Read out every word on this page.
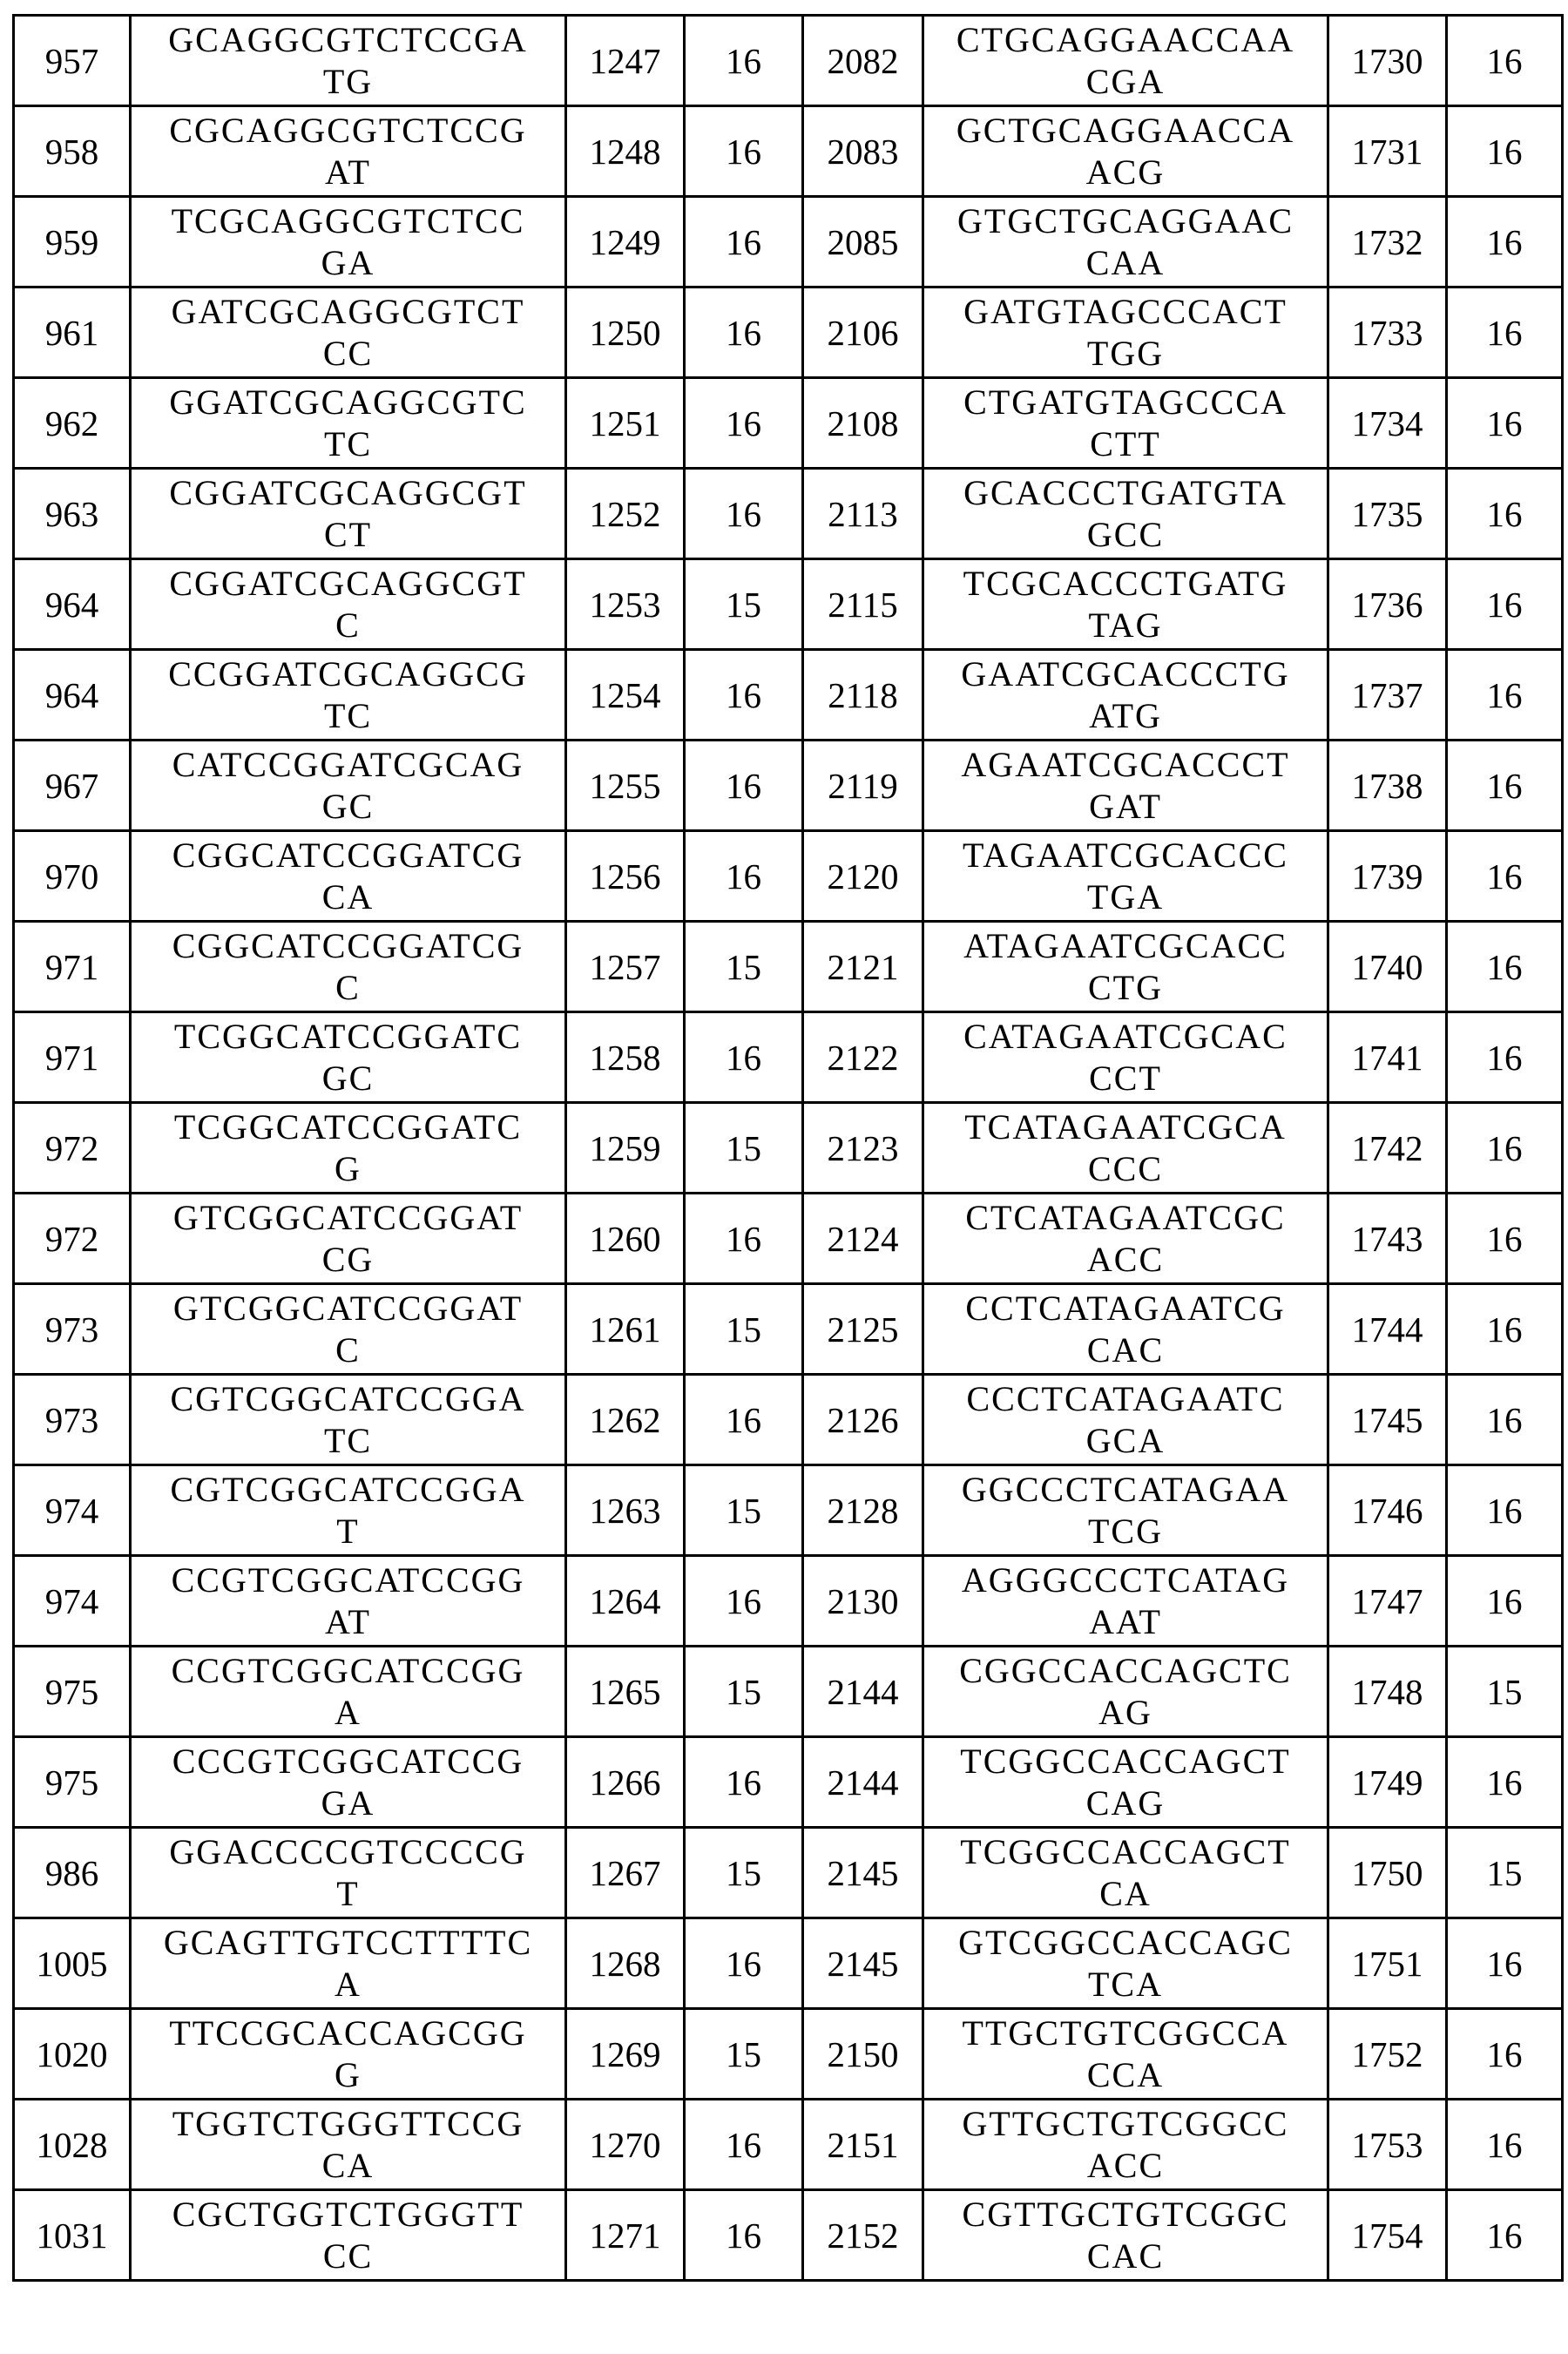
957	
GCAGGCGTCTCCGA
TG
	1247	16	2082	
CTGCAGGAACCAA
CGA
	1730	16
958	
CGCAGGCGTCTCCG
AT
	1248	16	2083	
GCTGCAGGAACCA
ACG
	1731	16
959	
TCGCAGGCGTCTCC
GA
	1249	16	2085	
GTGCTGCAGGAAC
CAA
	1732	16
961	
GATCGCAGGCGTCT
CC
	1250	16	2106	
GATGTAGCCCACT
TGG
	1733	16
962	
GGATCGCAGGCGTC
TC
	1251	16	2108	
CTGATGTAGCCCA
CTT
	1734	16
963	
CGGATCGCAGGCGT
CT
	1252	16	2113	
GCACCCTGATGTA
GCC
	1735	16
964	
CGGATCGCAGGCGT
C
	1253	15	2115	
TCGCACCCTGATG
TAG
	1736	16
964	
CCGGATCGCAGGCG
TC
	1254	16	2118	
GAATCGCACCCTG
ATG
	1737	16
967	
CATCCGGATCGCAG
GC
	1255	16	2119	
AGAATCGCACCCT
GAT
	1738	16
970	
CGGCATCCGGATCG
CA
	1256	16	2120	
TAGAATCGCACCC
TGA
	1739	16
971	
CGGCATCCGGATCG
C
	1257	15	2121	
ATAGAATCGCACC
CTG
	1740	16
971	
TCGGCATCCGGATC
GC
	1258	16	2122	
CATAGAATCGCAC
CCT
	1741	16
972	
TCGGCATCCGGATC
G
	1259	15	2123	
TCATAGAATCGCA
CCC
	1742	16
972	
GTCGGCATCCGGAT
CG
	1260	16	2124	
CTCATAGAATCGC
ACC
	1743	16
973	
GTCGGCATCCGGAT
C
	1261	15	2125	
CCTCATAGAATCG
CAC
	1744	16
973	
CGTCGGCATCCGGA
TC
	1262	16	2126	
CCCTCATAGAATC
GCA
	1745	16
974	
CGTCGGCATCCGGA
T
	1263	15	2128	
GGCCCTCATAGAA
TCG
	1746	16
974	
CCGTCGGCATCCGG
AT
	1264	16	2130	
AGGGCCCTCATAG
AAT
	1747	16
975	
CCGTCGGCATCCGG
A
	1265	15	2144	
CGGCCACCAGCTC
AG
	1748	15
975	
CCCGTCGGCATCCG
GA
	1266	16	2144	
TCGGCCACCAGCT
CAG
	1749	16
986	
GGACCCCGTCCCCG
T
	1267	15	2145	
TCGGCCACCAGCT
CA
	1750	15
1005	
GCAGTTGTCCTTTTC
A
	1268	16	2145	
GTCGGCCACCAGC
TCA
	1751	16
1020	
TTCCGCACCAGCGG
G
	1269	15	2150	
TTGCTGTCGGCCA
CCA
	1752	16
1028	
TGGTCTGGGTTCCG
CA
	1270	16	2151	
GTTGCTGTCGGCC
ACC
	1753	16
1031	
CGCTGGTCTGGGTT
CC
	1271	16	2152	
CGTTGCTGTCGGC
CAC
	1754	16
